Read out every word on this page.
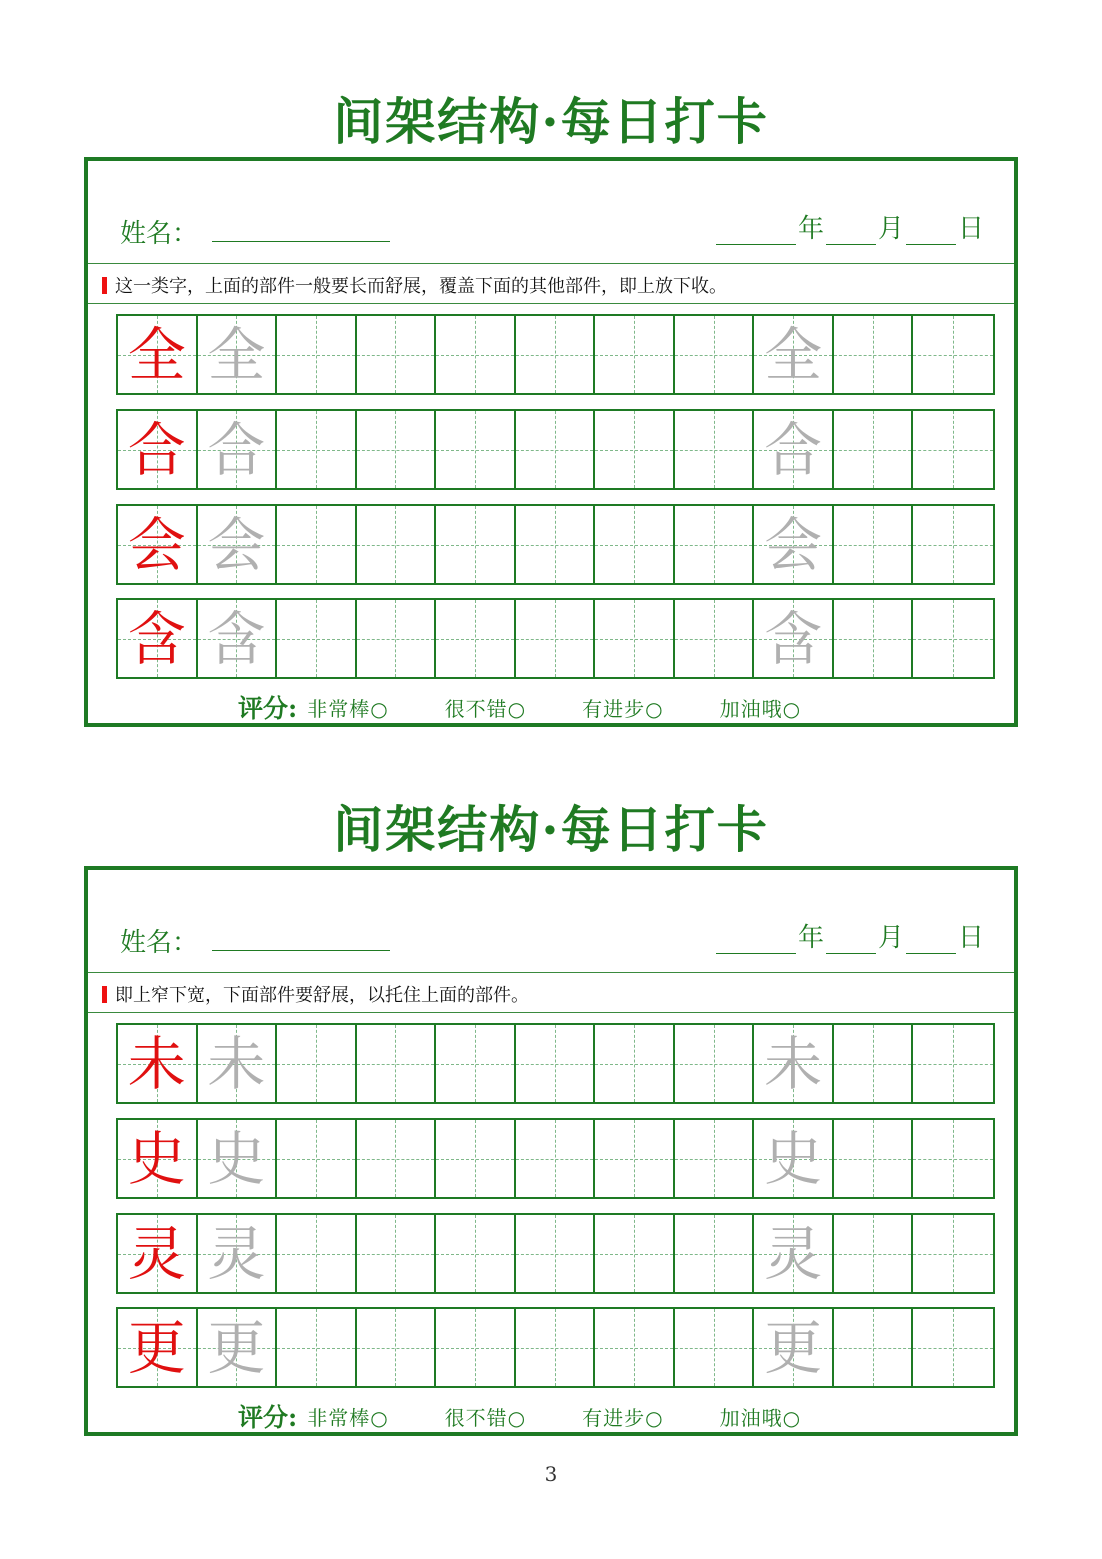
间架结构·每日打卡
姓名：	年 月 日
这一类字，上面的部件一般要长而舒展，覆盖下面的其他部件，即上放下收。
全 全	全
合 合	合
会 会	会
含 含	含
评分: 非常棒○	很不错○	有进步○	加油哦○
间架结构·每日打卡
姓名：	年 月 日
即上窄下宽，下面部件要舒展，以托住上面的部件。
未 未	未
史 史	史
灵 灵	灵
更 更	更
评分: 非常棒○	很不错○	有进步○	加油哦○
3
